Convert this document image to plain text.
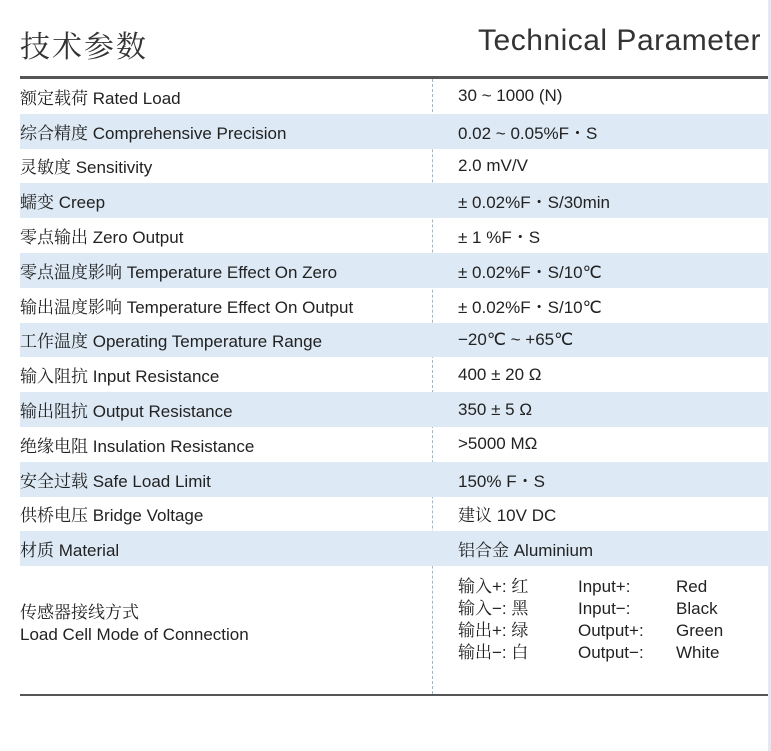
技术参数	Technical Parameter
额定载荷 Rated Load	30 ~ 1000 (N)
综合精度 Comprehensive Precision	0.02 ~ 0.05%F・S
灵敏度 Sensitivity	2.0 mV/V
蠕变 Creep	± 0.02%F・S/30min
零点输出 Zero Output	± 1 %F・S
零点温度影响 Temperature Effect On Zero	± 0.02%F・S/10℃
输出温度影响 Temperature Effect On Output	± 0.02%F・S/10℃
工作温度 Operating Temperature Range	−20℃ ~ +65℃
输入阻抗 Input Resistance	400 ± 20 Ω
输出阻抗 Output Resistance	350 ± 5 Ω
绝缘电阻 Insulation Resistance	>5000 MΩ
安全过载 Safe Load Limit	150% F・S
供桥电压 Bridge Voltage	建议 10V DC
材质 Material	铝合金 Aluminium
传感器接线方式
Load Cell Mode of Connection
输入+: 红	Input+:	Red
输入−: 黑	Input−:	Black
输出+: 绿	Output+:	Green
输出−: 白	Output−:	White
